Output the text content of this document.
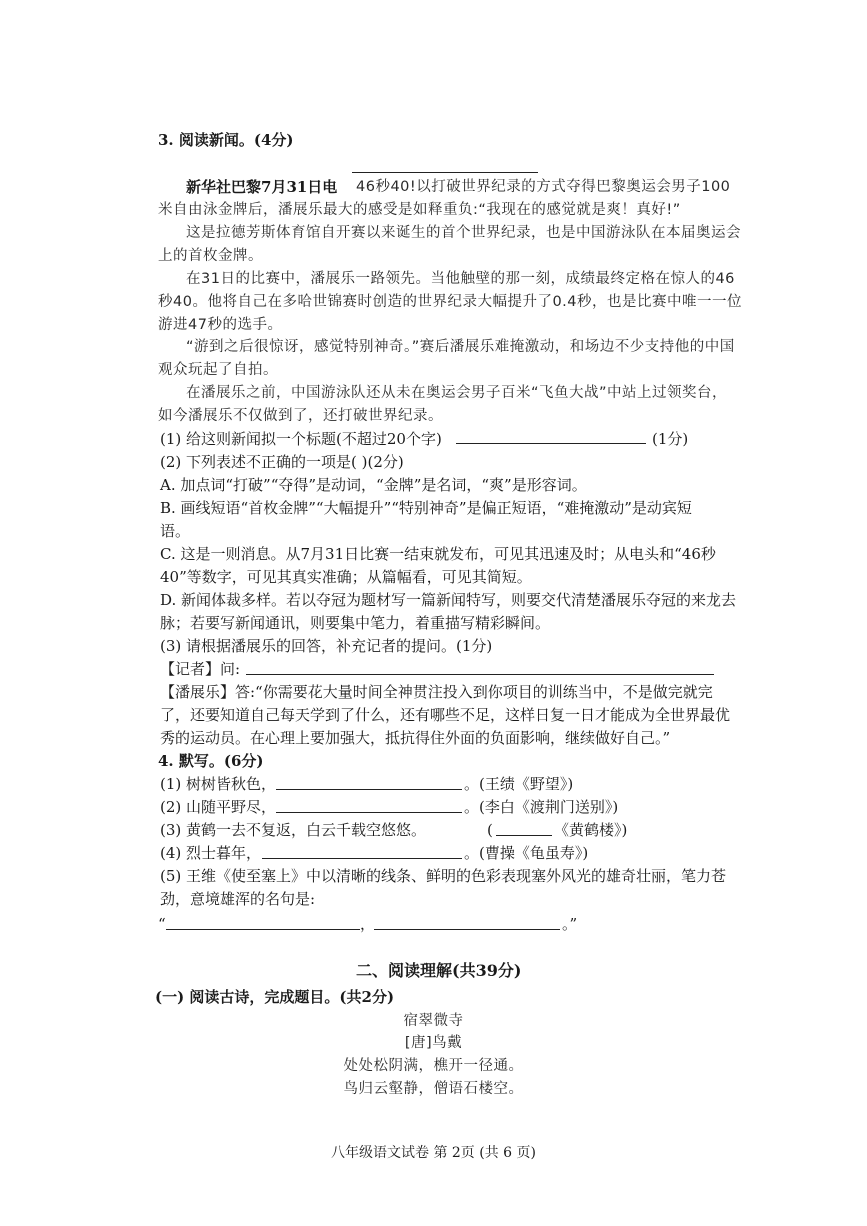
3. 阅读新闻。(4分)
新华社巴黎7月31日电 46秒40!以打破世界纪录的方式夺得巴黎奥运会男子100
米自由泳金牌后，潘展乐最大的感受是如释重负:“我现在的感觉就是爽！真好!”
这是拉德芳斯体育馆自开赛以来诞生的首个世界纪录，也是中国游泳队在本届奥运会
上的首枚金牌。
在31日的比赛中，潘展乐一路领先。当他触壁的那一刻，成绩最终定格在惊人的46
秒40。他将自己在多哈世锦赛时创造的世界纪录大幅提升了0.4秒，也是比赛中唯一一位
游进47秒的选手。
“游到之后很惊讶，感觉特别神奇。”赛后潘展乐难掩激动，和场边不少支持他的中国
观众玩起了自拍。
在潘展乐之前，中国游泳队还从未在奥运会男子百米“飞鱼大战”中站上过领奖台，
如今潘展乐不仅做到了，还打破世界纪录。
(1) 给这则新闻拟一个标题(不超过20个字)	(1分)
(2) 下列表述不正确的一项是( )(2分)
A. 加点词“打破”“夺得”是动词，“金牌”是名词，“爽”是形容词。
B. 画线短语“首枚金牌”“大幅提升”“特别神奇”是偏正短语，“难掩激动”是动宾短
语。
C. 这是一则消息。从7月31日比赛一结束就发布，可见其迅速及时；从电头和“46秒
40”等数字，可见其真实准确；从篇幅看，可见其简短。
D. 新闻体裁多样。若以夺冠为题材写一篇新闻特写，则要交代清楚潘展乐夺冠的来龙去
脉；若要写新闻通讯，则要集中笔力，着重描写精彩瞬间。
(3) 请根据潘展乐的回答，补充记者的提问。(1分)
【记者】问:
【潘展乐】答:“你需要花大量时间全神贯注投入到你项目的训练当中，不是做完就完
了，还要知道自己每天学到了什么，还有哪些不足，这样日复一日才能成为全世界最优
秀的运动员。在心理上要加强大，抵抗得住外面的负面影响，继续做好自己。”
4. 默写。(6分)
(1) 树树皆秋色，	。(王绩《野望》)
(2) 山随平野尽，	。(李白《渡荆门送别》)
(3) 黄鹤一去不复返，白云千载空悠悠。	(	《黄鹤楼》)
(4) 烈士暮年，	。(曹操《龟虽寿》)
(5) 王维《使至塞上》中以清晰的线条、鲜明的色彩表现塞外风光的雄奇壮丽，笔力苍
劲，意境雄浑的名句是:
“	，	。”
二、阅读理解(共39分)
(一) 阅读古诗，完成题目。(共2分)
宿翠微寺
[唐]鸟戴
处处松阴满，樵开一径通。
鸟归云壑静，僧语石楼空。
八年级语文试卷 第 2页 (共 6 页)
